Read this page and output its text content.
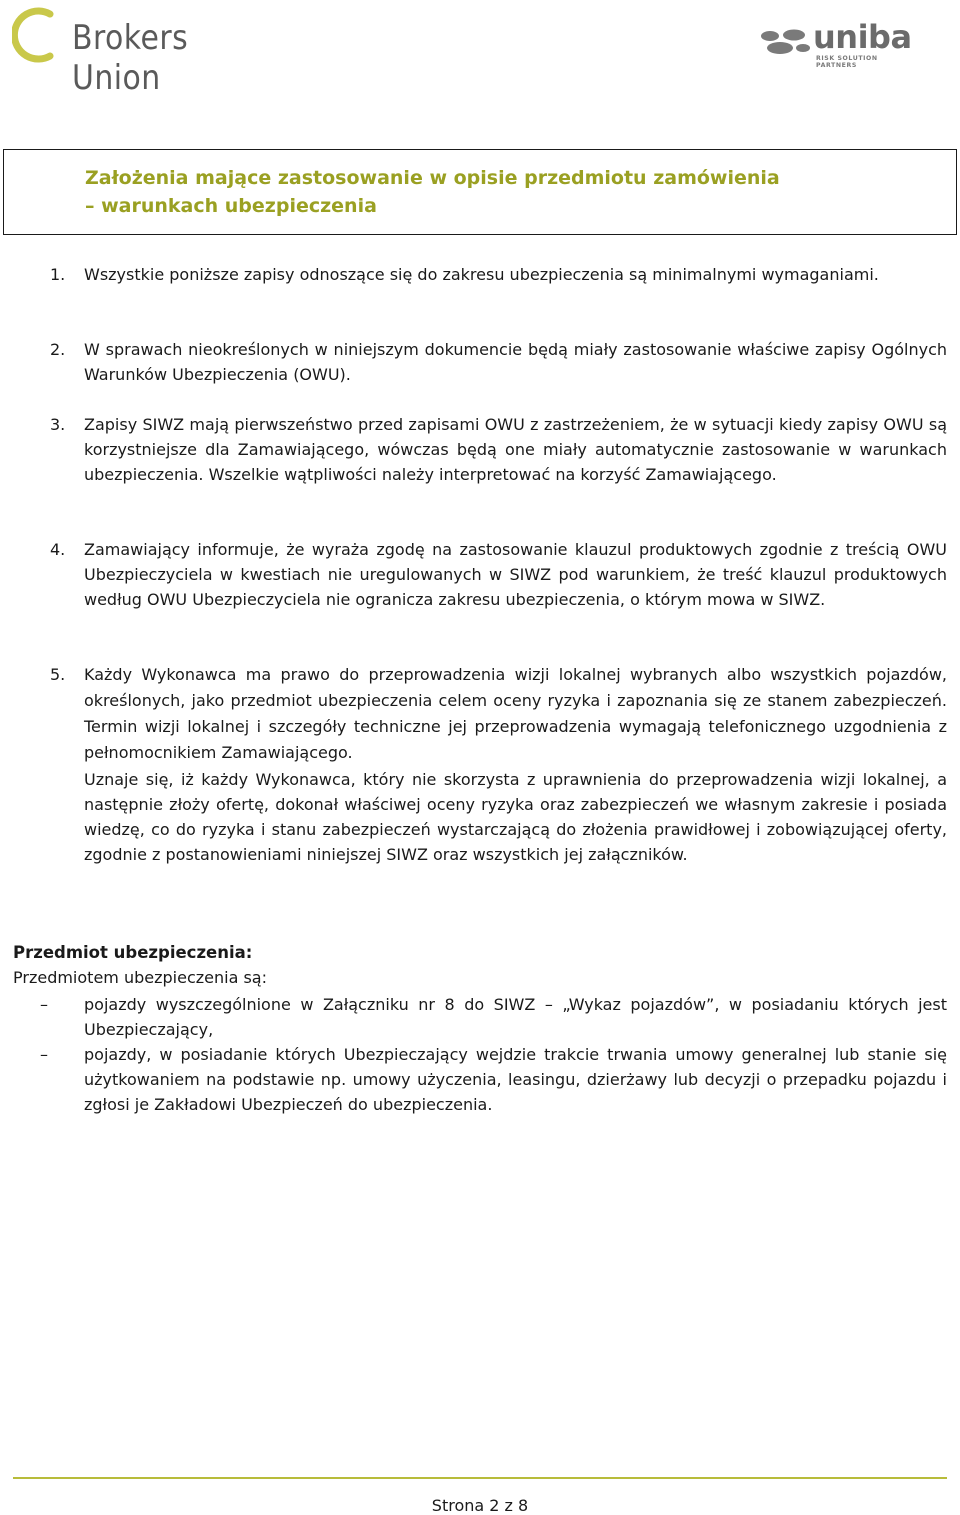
Brokers Union
uniba
RISK SOLUTION PARTNERS
Założenia mające zastosowanie w opisie przedmiotu zamówienia
– warunkach ubezpieczenia
1. Wszystkie poniższe zapisy odnoszące się do zakresu ubezpieczenia są minimalnymi wymaganiami.
2. W sprawach nieokreślonych w niniejszym dokumencie będą miały zastosowanie właściwe zapisy Ogólnych Warunków Ubezpieczenia (OWU).
3. Zapisy SIWZ mają pierwszeństwo przed zapisami OWU z zastrzeżeniem, że w sytuacji kiedy zapisy OWU są korzystniejsze dla Zamawiającego, wówczas będą one miały automatycznie zastosowanie w warunkach ubezpieczenia. Wszelkie wątpliwości należy interpretować na korzyść Zamawiającego.
4. Zamawiający informuje, że wyraża zgodę na zastosowanie klauzul produktowych zgodnie z treścią OWU Ubezpieczyciela w kwestiach nie uregulowanych w SIWZ pod warunkiem, że treść klauzul produktowych według OWU Ubezpieczyciela nie ogranicza zakresu ubezpieczenia, o którym mowa w SIWZ.
5. Każdy Wykonawca ma prawo do przeprowadzenia wizji lokalnej wybranych albo wszystkich pojazdów, określonych, jako przedmiot ubezpieczenia celem oceny ryzyka i zapoznania się ze stanem zabezpieczeń. Termin wizji lokalnej i szczegóły techniczne jej przeprowadzenia wymagają telefonicznego uzgodnienia z pełnomocnikiem Zamawiającego.
Uznaje się, iż każdy Wykonawca, który nie skorzysta z uprawnienia do przeprowadzenia wizji lokalnej, a następnie złoży ofertę, dokonał właściwej oceny ryzyka oraz zabezpieczeń we własnym zakresie i posiada wiedzę, co do ryzyka i stanu zabezpieczeń wystarczającą do złożenia prawidłowej i zobowiązującej oferty, zgodnie z postanowieniami niniejszej SIWZ oraz wszystkich jej załączników.
Przedmiot ubezpieczenia:
Przedmiotem ubezpieczenia są:
– pojazdy wyszczególnione w Załączniku nr 8 do SIWZ – „Wykaz pojazdów”, w posiadaniu których jest Ubezpieczający,
– pojazdy, w posiadanie których Ubezpieczający wejdzie trakcie trwania umowy generalnej lub stanie się użytkowaniem na podstawie np. umowy użyczenia, leasingu, dzierżawy lub decyzji o przepadku pojazdu i zgłosi je Zakładowi Ubezpieczeń do ubezpieczenia.
Strona 2 z 8
